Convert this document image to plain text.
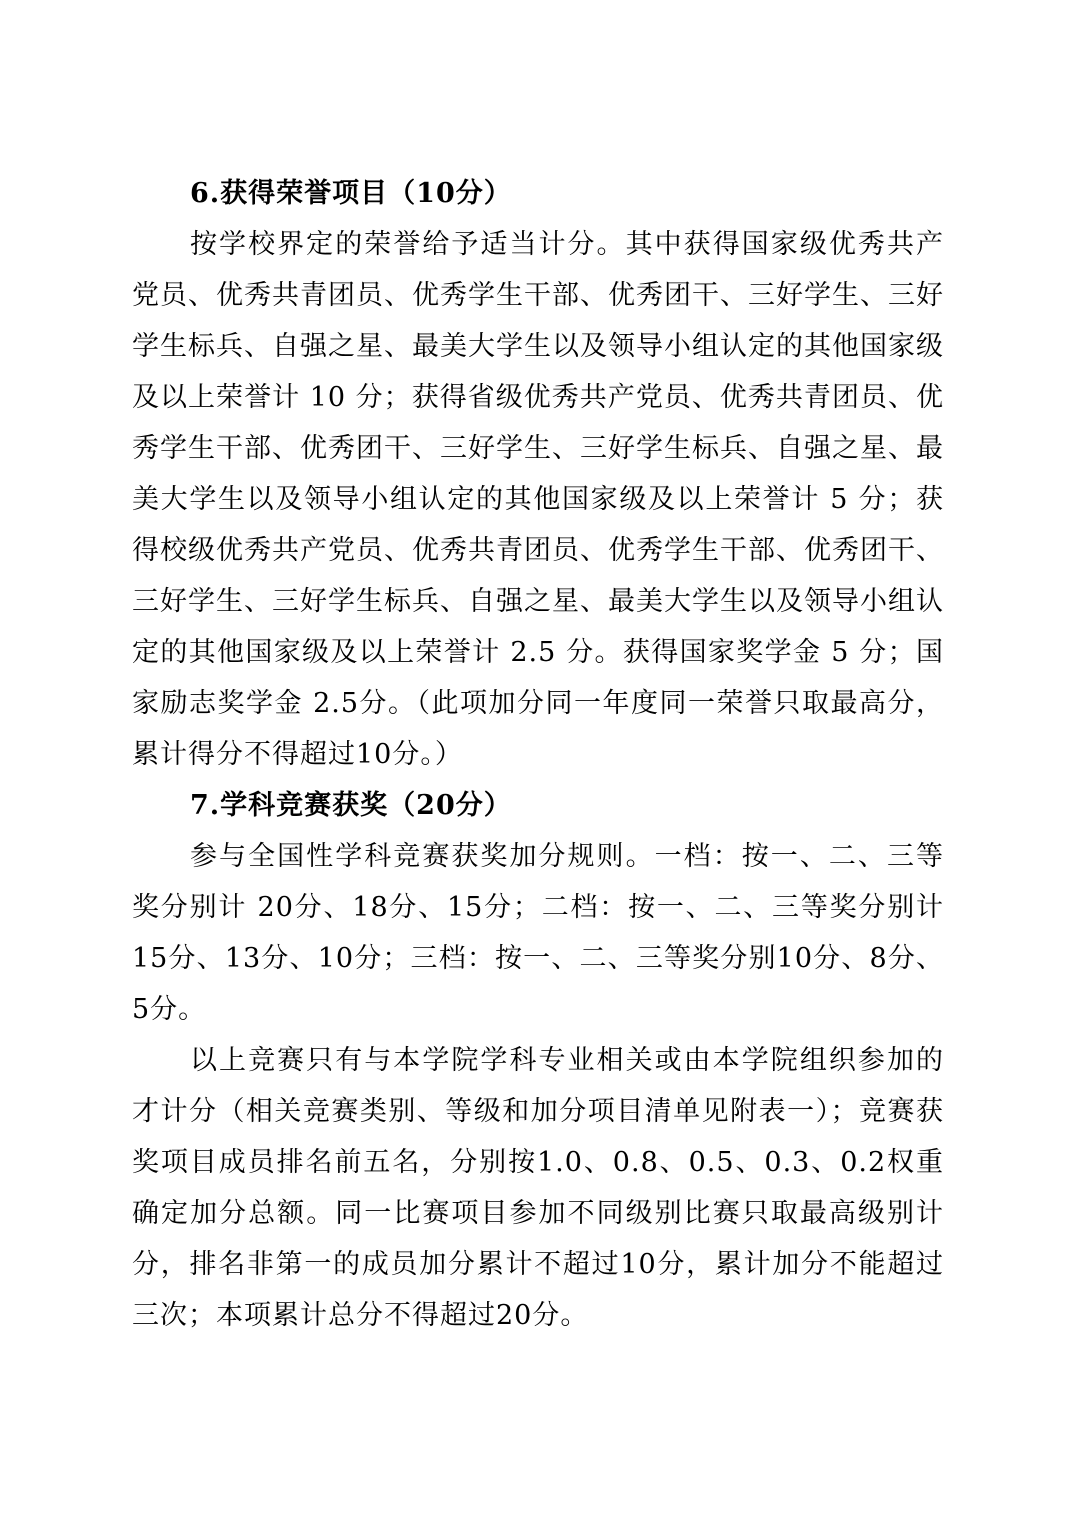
6.获得荣誉项目（10分）

按学校界定的荣誉给予适当计分。其中获得国家级优秀共产党员、优秀共青团员、优秀学生干部、优秀团干、三好学生、三好学生标兵、自强之星、最美大学生以及领导小组认定的其他国家级及以上荣誉计 10 分；获得省级优秀共产党员、优秀共青团员、优秀学生干部、优秀团干、三好学生、三好学生标兵、自强之星、最美大学生以及领导小组认定的其他国家级及以上荣誉计 5 分；获得校级优秀共产党员、优秀共青团员、优秀学生干部、优秀团干、三好学生、三好学生标兵、自强之星、最美大学生以及领导小组认定的其他国家级及以上荣誉计 2.5 分。获得国家奖学金 5 分；国家励志奖学金 2.5分。（此项加分同一年度同一荣誉只取最高分，累计得分不得超过10分。）

7.学科竞赛获奖（20分）

参与全国性学科竞赛获奖加分规则。一档：按一、二、三等奖分别计 20分、18分、15分；二档：按一、二、三等奖分别计 15分、13分、10分；三档：按一、二、三等奖分别10分、8分、5分。

以上竞赛只有与本学院学科专业相关或由本学院组织参加的才计分（相关竞赛类别、等级和加分项目清单见附表一）；竞赛获奖项目成员排名前五名，分别按1.0、0.8、0.5、0.3、0.2权重确定加分总额。同一比赛项目参加不同级别比赛只取最高级别计分，排名非第一的成员加分累计不超过10分，累计加分不能超过三次；本项累计总分不得超过20分。
